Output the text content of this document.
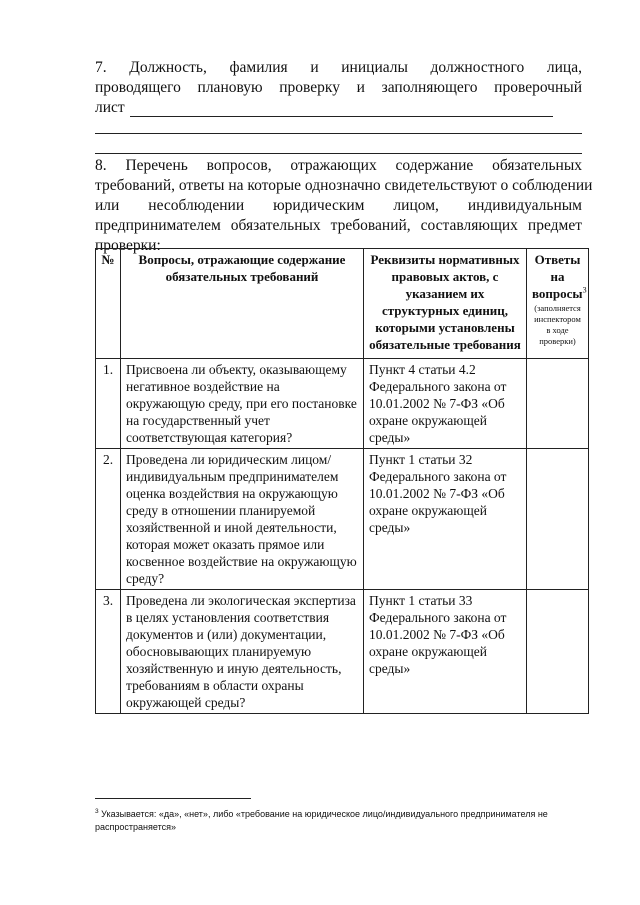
7. Должность, фамилия и инициалы должностного лица,
проводящего плановую проверку и заполняющего проверочный
лист
8. Перечень вопросов, отражающих содержание обязательных
требований, ответы на которые однозначно свидетельствуют о соблюдении
или несоблюдении юридическим лицом, индивидуальным
предпринимателем обязательных требований, составляющих предмет
проверки:
№	Вопросы, отражающие содержание обязательных требований	Реквизиты нормативных правовых актов, с указанием их структурных единиц, которыми установлены обязательные требования	Ответы на вопросы$^3$
(заполняется инспектором в ходе проверки)

1.	Присвоена ли объекту, оказывающему негативное воздействие на окружающую среду, при его постановке на государственный учет соответствующая категория?	Пункт 4 статьи 4.2 Федерального закона от 10.01.2002 № 7-ФЗ «Об охране окружающей среды»	
2.	Проведена ли юридическим лицом/индивидуальным предпринимателем оценка воздействия на окружающую среду в отношении планируемой хозяйственной и иной деятельности, которая может оказать прямое или косвенное воздействие на окружающую среду?	Пункт 1 статьи 32 Федерального закона от 10.01.2002 № 7-ФЗ «Об охране окружающей среды»	
3.	Проведена ли экологическая экспертиза в целях установления соответствия документов и (или) документации, обосновывающих планируемую хозяйственную и иную деятельность, требованиям в области охраны окружающей среды?	Пункт 1 статьи 33 Федерального закона от 10.01.2002 № 7-ФЗ «Об охране окружающей среды»	
$^3$ Указывается: «да», «нет», либо «требование на юридическое лицо/индивидуального предпринимателя не распространяется»
